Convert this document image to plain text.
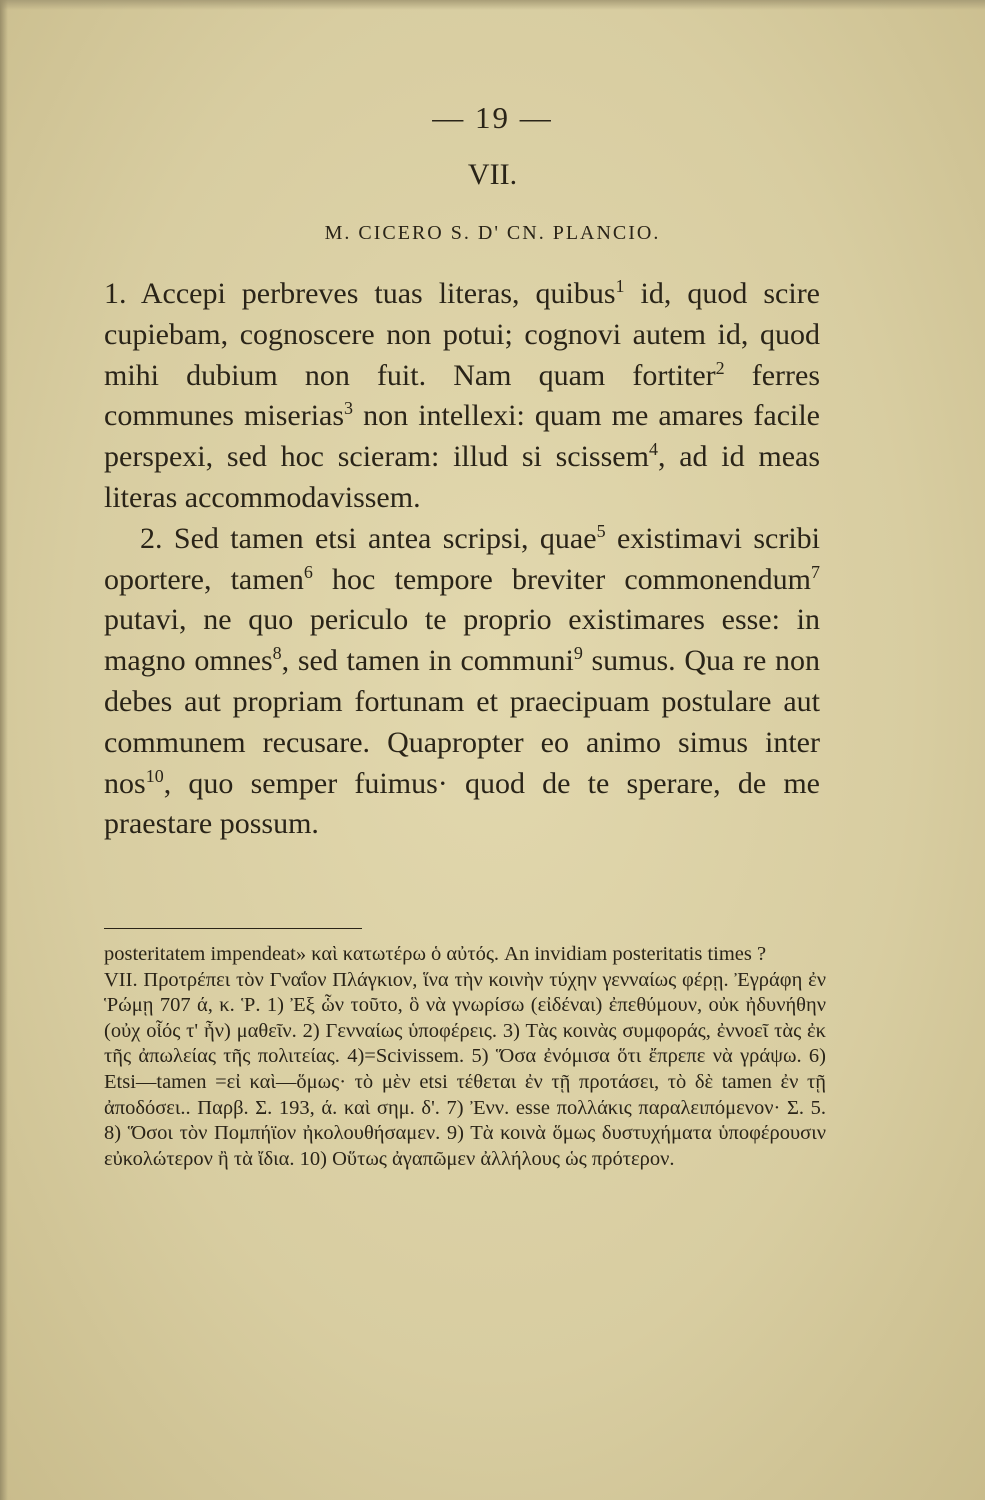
— 19 —
VII.
M. CICERO S. D' CN. PLANCIO.

1. Accepi perbreves tuas literas, quibus$^1$ id, quod scire cupiebam, cognoscere non potui; cognovi autem id, quod mihi dubium non fuit. Nam quam fortiter$^2$ ferres communes miserias$^3$ non intellexi: quam me amares facile perspexi, sed hoc scieram: illud si scissem$^4$, ad id meas literas accommodavissem.

2. Sed tamen etsi antea scripsi, quae$^5$ existimavi scribi oportere, tamen$^6$ hoc tempore breviter commonendum$^7$ putavi, ne quo periculo te proprio existimares esse: in magno omnes$^8$, sed tamen in communi$^9$ sumus. Qua re non debes aut propriam fortunam et praecipuam postulare aut communem recusare. Quapropter eo animo simus inter nos$^{10}$, quo semper fuimus· quod de te sperare, de me praestare possum.

posteritatem impendeat» καὶ κατωτέρω ὁ αὐτός. An invidiam posteritatis times ?

VII. Προτρέπει τὸν Γναΐον Πλάγκιον, ἵνα τὴν κοινὴν τύχην γενναίως φέρῃ. Ἐγράφη ἐν Ῥώμῃ 707 ά, κ. Ῥ. 1) Ἐξ ὧν τοῦτο, ὃ νὰ γνωρίσω (εἰδέναι) ἐπεθύμουν, οὐκ ἠδυνήθην (οὐχ οἷός τ' ἦν) μαθεῖν. 2) Γενναίως ὑποφέρεις. 3) Τὰς κοινὰς συμφοράς, ἐννοεῖ τὰς ἐκ τῆς ἀπωλείας τῆς πολιτείας. 4)=Scivissem. 5) Ὅσα ἐνόμισα ὅτι ἔπρεπε νὰ γράψω. 6) Etsi—tamen =εἰ καὶ—ὅμως· τὸ μὲν etsi τέθεται ἐν τῇ προτάσει, τὸ δὲ tamen ἐν τῇ ἀποδόσει.. Παρβ. Σ. 193, ά. καὶ σημ. δ'. 7) Ἐνν. esse πολλάκις παραλειπόμενον· Σ. 5. 8) Ὅσοι τὸν Πομπήϊον ἠκολουθήσαμεν. 9) Τὰ κοινὰ ὅμως δυστυχήματα ὑποφέρουσιν εὐκολώτερον ἢ τὰ ἴδια. 10) Οὕτως ἀγαπῶμεν ἀλλήλους ὡς πρότερον.
